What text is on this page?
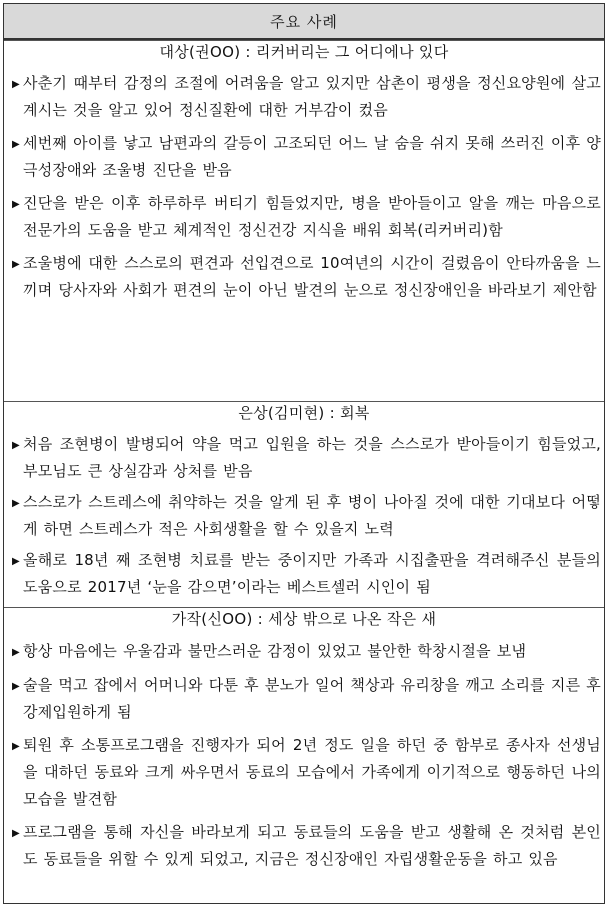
주요 사례
대상(권OO) : 리커버리는 그 어디에나 있다
▶ 사춘기 때부터 감정의 조절에 어려움을 알고 있지만 삼촌이 평생을 정신요양원에 살고 계시는 것을 알고 있어 정신질환에 대한 거부감이 컸음
▶ 세번째 아이를 낳고 남편과의 갈등이 고조되던 어느 날 숨을 쉬지 못해 쓰러진 이후 양극성장애와 조울병 진단을 받음
▶ 진단을 받은 이후 하루하루 버티기 힘들었지만, 병을 받아들이고 알을 깨는 마음으로 전문가의 도움을 받고 체계적인 정신건강 지식을 배워 회복(리커버리)함
▶ 조울병에 대한 스스로의 편견과 선입견으로 10여년의 시간이 걸렸음이 안타까움을 느끼며 당사자와 사회가 편견의 눈이 아닌 발견의 눈으로 정신장애인을 바라보기 제안함
은상(김미현) : 회복
▶ 처음 조현병이 발병되어 약을 먹고 입원을 하는 것을 스스로가 받아들이기 힘들었고, 부모님도 큰 상실감과 상처를 받음
▶ 스스로가 스트레스에 취약하는 것을 알게 된 후 병이 나아질 것에 대한 기대보다 어떻게 하면 스트레스가 적은 사회생활을 할 수 있을지 노력
▶ 올해로 18년 째 조현병 치료를 받는 중이지만 가족과 시집출판을 격려해주신 분들의 도움으로 2017년 ‘눈을 감으면’이라는 베스트셀러 시인이 됨
가작(신OO) : 세상 밖으로 나온 작은 새
▶ 항상 마음에는 우울감과 불만스러운 감정이 있었고 불안한 학창시절을 보냄
▶ 술을 먹고 잡에서 어머니와 다툰 후 분노가 일어 책상과 유리창을 깨고 소리를 지른 후 강제입원하게 됨
▶ 퇴원 후 소통프로그램을 진행자가 되어 2년 정도 일을 하던 중 함부로 종사자 선생님을 대하던 동료와 크게 싸우면서 동료의 모습에서 가족에게 이기적으로 행동하던 나의 모습을 발견함
▶ 프로그램을 통해 자신을 바라보게 되고 동료들의 도움을 받고 생활해 온 것처럼 본인도 동료들을 위할 수 있게 되었고, 지금은 정신장애인 자립생활운동을 하고 있음
